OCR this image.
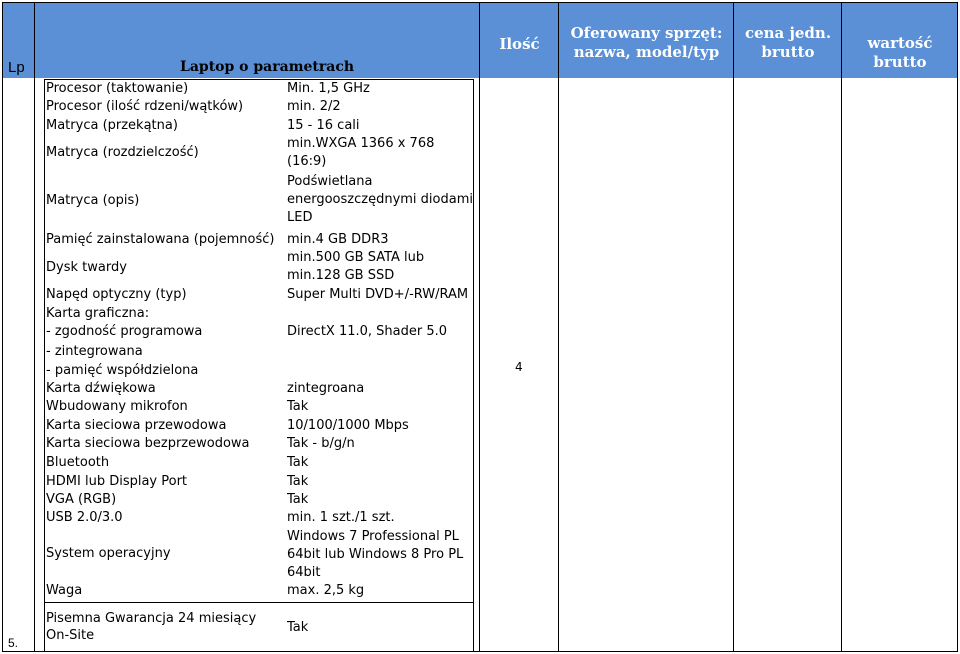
Lp	Laptop o parametrach
Ilość
Oferowany sprzęt:
nazwa, model/typ
cena jedn.
brutto	wartość brutto
Procesor (taktowanie)
Procesor (ilość rdzeni/wątków)
Matryca (przekątna)
Matryca (rozdzielczość)
Matryca (opis)
Pamięć zainstalowana (pojemność)
Dysk twardy
Napęd optyczny (typ)
Karta graficzna:
- zgodność programowa
- zintegrowana
- pamięć współdzielona
Karta dźwiękowa
Wbudowany mikrofon
Karta sieciowa przewodowa
Karta sieciowa bezprzewodowa
Bluetooth
HDMI lub Display Port
VGA (RGB)
USB 2.0/3.0
System operacyjny
Waga
Pisemna Gwarancja 24 miesiący
On-Site
Min. 1,5 GHz
min. 2/2
15 - 16 cali
min.WXGA 1366 x 768
(16:9)
Podświetlana
energooszczędnymi diodami
LED
min.4 GB DDR3
min.500 GB SATA lub
min.128 GB SSD
Super Multi DVD+/-RW/RAM
DirectX 11.0, Shader 5.0
zintegroana
Tak
10/100/1000 Mbps
Tak - b/g/n
Tak
Tak
Tak
min. 1 szt./1 szt.
Windows 7 Professional PL
64bit lub Windows 8 Pro PL
64bit
max. 2,5 kg
Tak
4
5.
